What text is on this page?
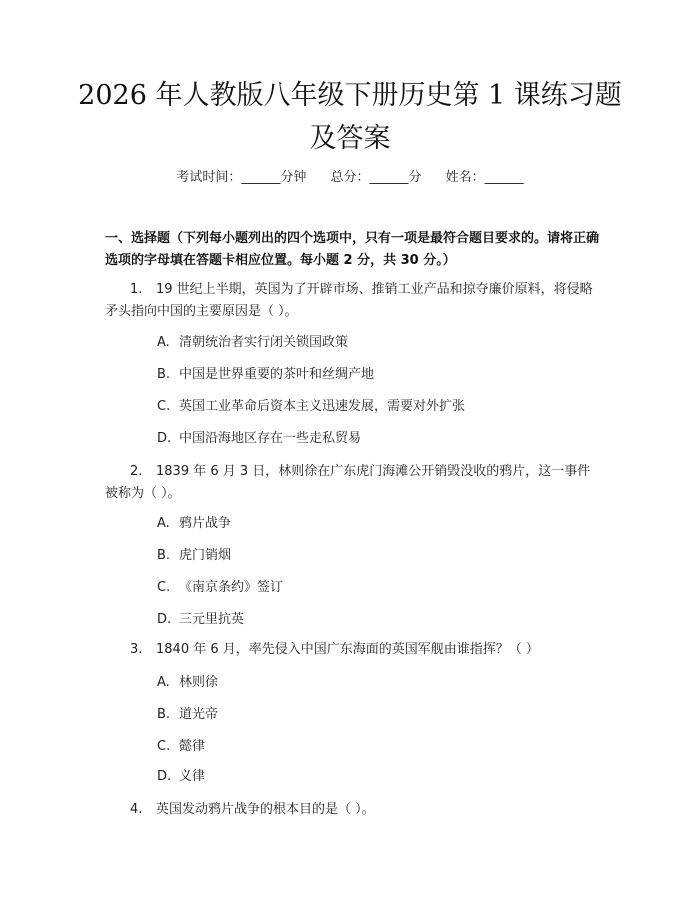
2026 年人教版八年级下册历史第 1 课练习题
及答案
考试时间：______分钟 总分：______分 姓名：______
一、选择题（下列每小题列出的四个选项中，只有一项是最符合题目要求的。请将正确选项的字母填在答题卡相应位置。每小题 2 分，共 30 分。）
1. 19 世纪上半期，英国为了开辟市场、推销工业产品和掠夺廉价原料，将侵略矛头指向中国的主要原因是（ ）。
A. 清朝统治者实行闭关锁国政策
B. 中国是世界重要的茶叶和丝绸产地
C. 英国工业革命后资本主义迅速发展，需要对外扩张
D. 中国沿海地区存在一些走私贸易
2. 1839 年 6 月 3 日，林则徐在广东虎门海滩公开销毁没收的鸦片，这一事件被称为（ ）。
A. 鸦片战争
B. 虎门销烟
C. 《南京条约》签订
D. 三元里抗英
3. 1840 年 6 月，率先侵入中国广东海面的英国军舰由谁指挥？（ ）
A. 林则徐
B. 道光帝
C. 懿律
D. 义律
4. 英国发动鸦片战争的根本目的是（ ）。
